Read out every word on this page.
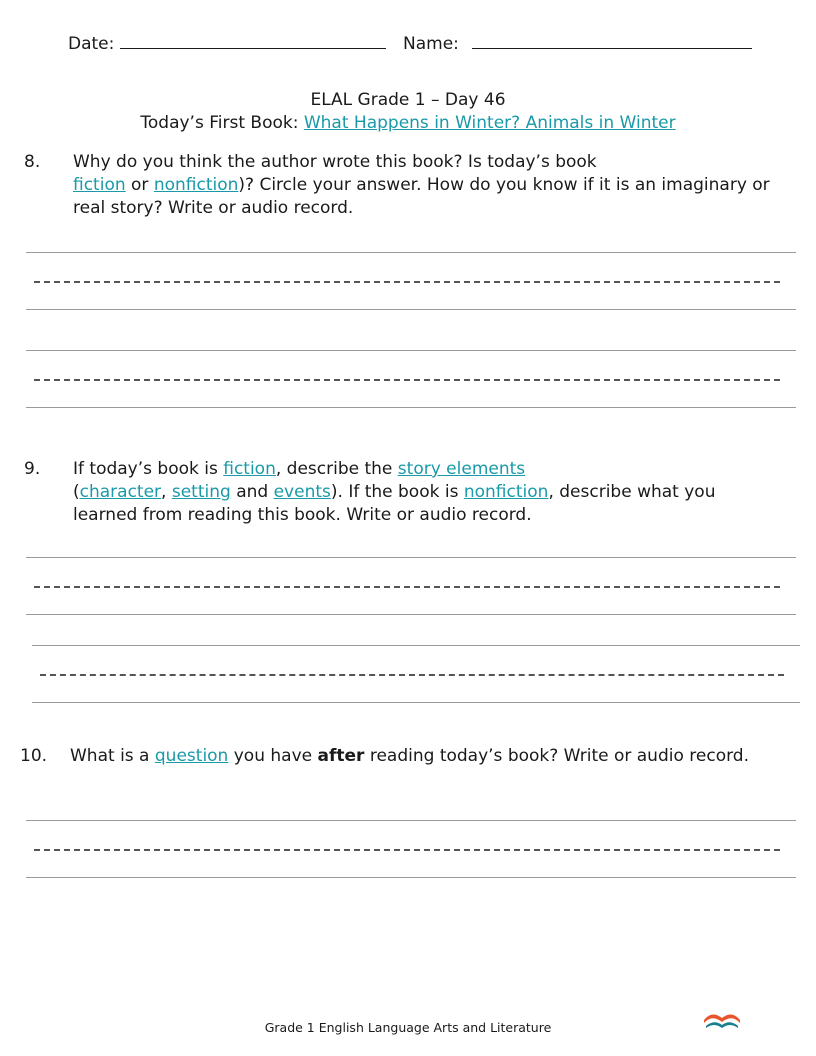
Date:	Name:
ELAL Grade 1 – Day 46
Today’s First Book: What Happens in Winter? Animals in Winter
8. Why do you think the author wrote this book? Is today’s book
fiction or nonfiction)? Circle your answer. How do you know if it is an imaginary or
real story? Write or audio record.
9. If today’s book is fiction, describe the story elements
(character, setting and events). If the book is nonfiction, describe what you
learned from reading this book. Write or audio record.
10. What is a question you have after reading today’s book? Write or audio record.
Grade 1 English Language Arts and Literature
